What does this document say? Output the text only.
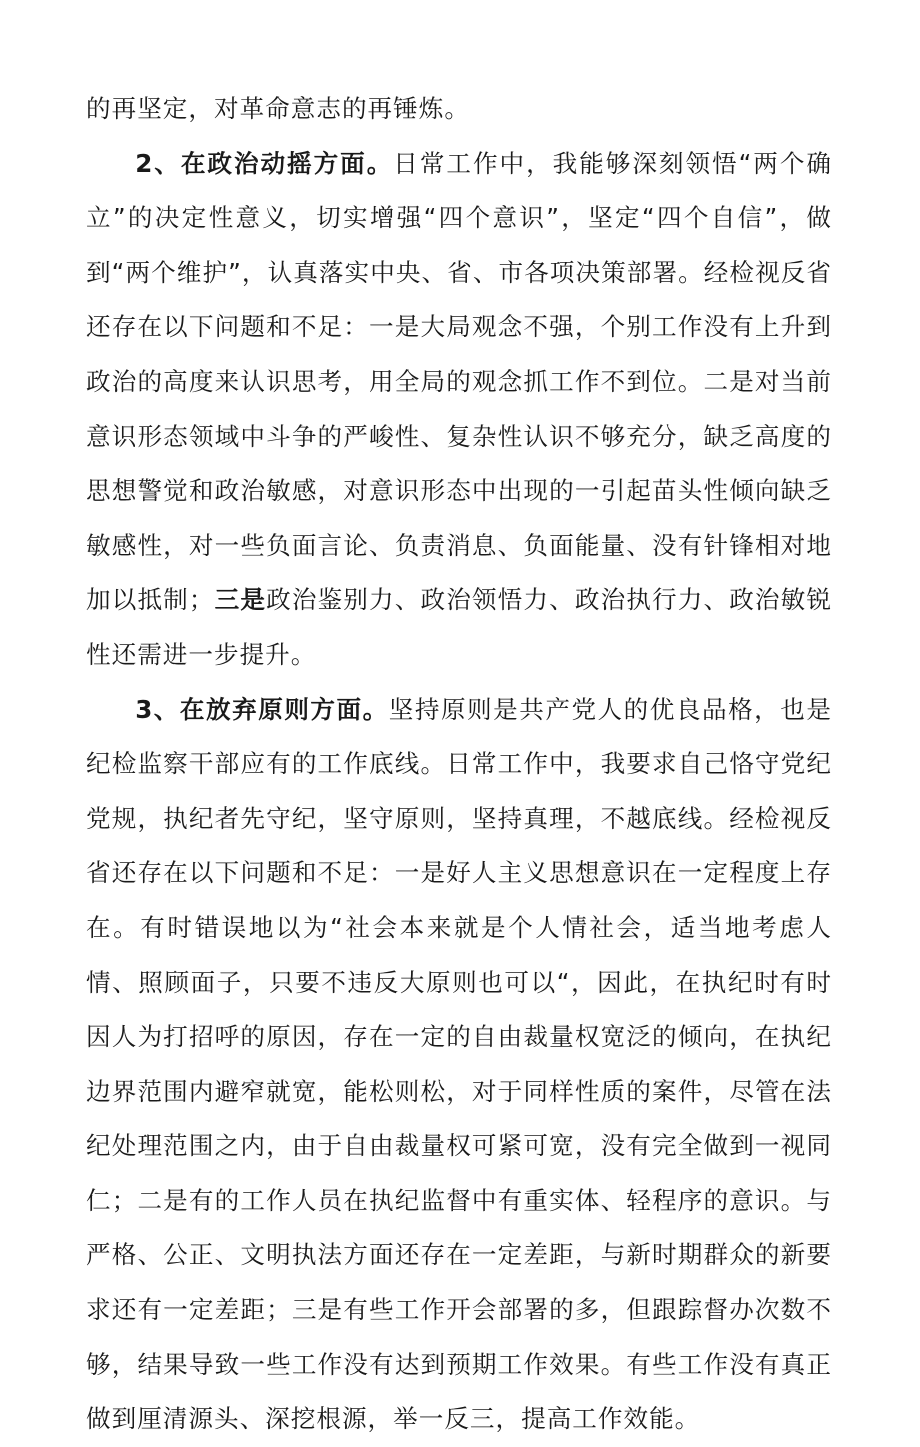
的再坚定，对革命意志的再锤炼。

2、在政治动摇方面。日常工作中，我能够深刻领悟“两个确立”的决定性意义，切实增强“四个意识”，坚定“四个自信”，做到“两个维护”，认真落实中央、省、市各项决策部署。经检视反省还存在以下问题和不足：一是大局观念不强，个别工作没有上升到政治的高度来认识思考，用全局的观念抓工作不到位。二是对当前意识形态领域中斗争的严峻性、复杂性认识不够充分，缺乏高度的思想警觉和政治敏感，对意识形态中出现的一引起苗头性倾向缺乏敏感性，对一些负面言论、负责消息、负面能量、没有针锋相对地加以抵制；三是政治鉴别力、政治领悟力、政治执行力、政治敏锐性还需进一步提升。

3、在放弃原则方面。坚持原则是共产党人的优良品格，也是纪检监察干部应有的工作底线。日常工作中，我要求自己恪守党纪党规，执纪者先守纪，坚守原则，坚持真理，不越底线。经检视反省还存在以下问题和不足：一是好人主义思想意识在一定程度上存在。有时错误地以为“社会本来就是个人情社会，适当地考虑人情、照顾面子，只要不违反大原则也可以“，因此，在执纪时有时因人为打招呼的原因，存在一定的自由裁量权宽泛的倾向，在执纪边界范围内避窄就宽，能松则松，对于同样性质的案件，尽管在法纪处理范围之内，由于自由裁量权可紧可宽，没有完全做到一视同仁；二是有的工作人员在执纪监督中有重实体、轻程序的意识。与严格、公正、文明执法方面还存在一定差距，与新时期群众的新要求还有一定差距；三是有些工作开会部署的多，但跟踪督办次数不够，结果导致一些工作没有达到预期工作效果。有些工作没有真正做到厘清源头、深挖根源，举一反三，提高工作效能。
